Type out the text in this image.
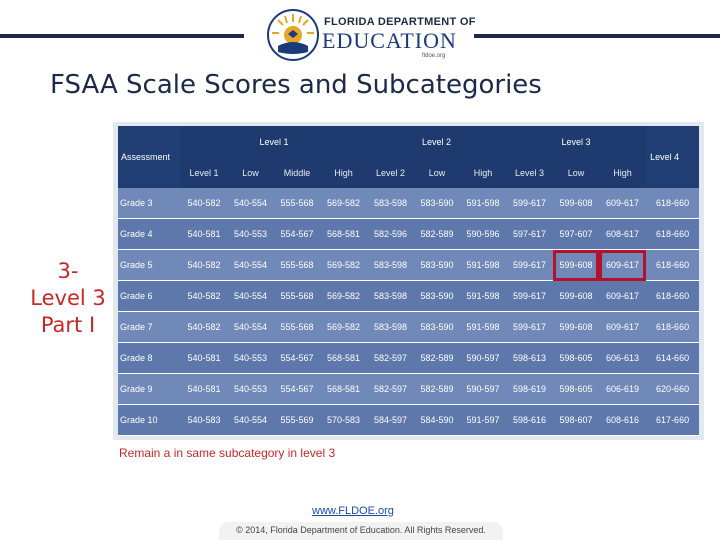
FLORIDA DEPARTMENT OF
EDUCATION
fldoe.org
FSAA Scale Scores and Subcategories
3-
Level 3
Part I
Assessment	Level 1				Level 2			Level 3			Level 4
	Level 1	Low	Middle	High	Level 2	Low	High	Level 3	Low	High	
Grade 3	540-582	540-554	555-568	569-582	583-598	583-590	591-598	599-617	599-608	609-617	618-660
Grade 4	540-581	540-553	554-567	568-581	582-596	582-589	590-596	597-617	597-607	608-617	618-660
Grade 5	540-582	540-554	555-568	569-582	583-598	583-590	591-598	599-617	599-608	609-617	618-660
Grade 6	540-582	540-554	555-568	569-582	583-598	583-590	591-598	599-617	599-608	609-617	618-660
Grade 7	540-582	540-554	555-568	569-582	583-598	583-590	591-598	599-617	599-608	609-617	618-660
Grade 8	540-581	540-553	554-567	568-581	582-597	582-589	590-597	598-613	598-605	606-613	614-660
Grade 9	540-581	540-553	554-567	568-581	582-597	582-589	590-597	598-619	598-605	606-619	620-660
Grade 10	540-583	540-554	555-569	570-583	584-597	584-590	591-597	598-616	598-607	608-616	617-660
Remain a in same subcategory in level 3
www.FLDOE.org
© 2014, Florida Department of Education. All Rights Reserved.
